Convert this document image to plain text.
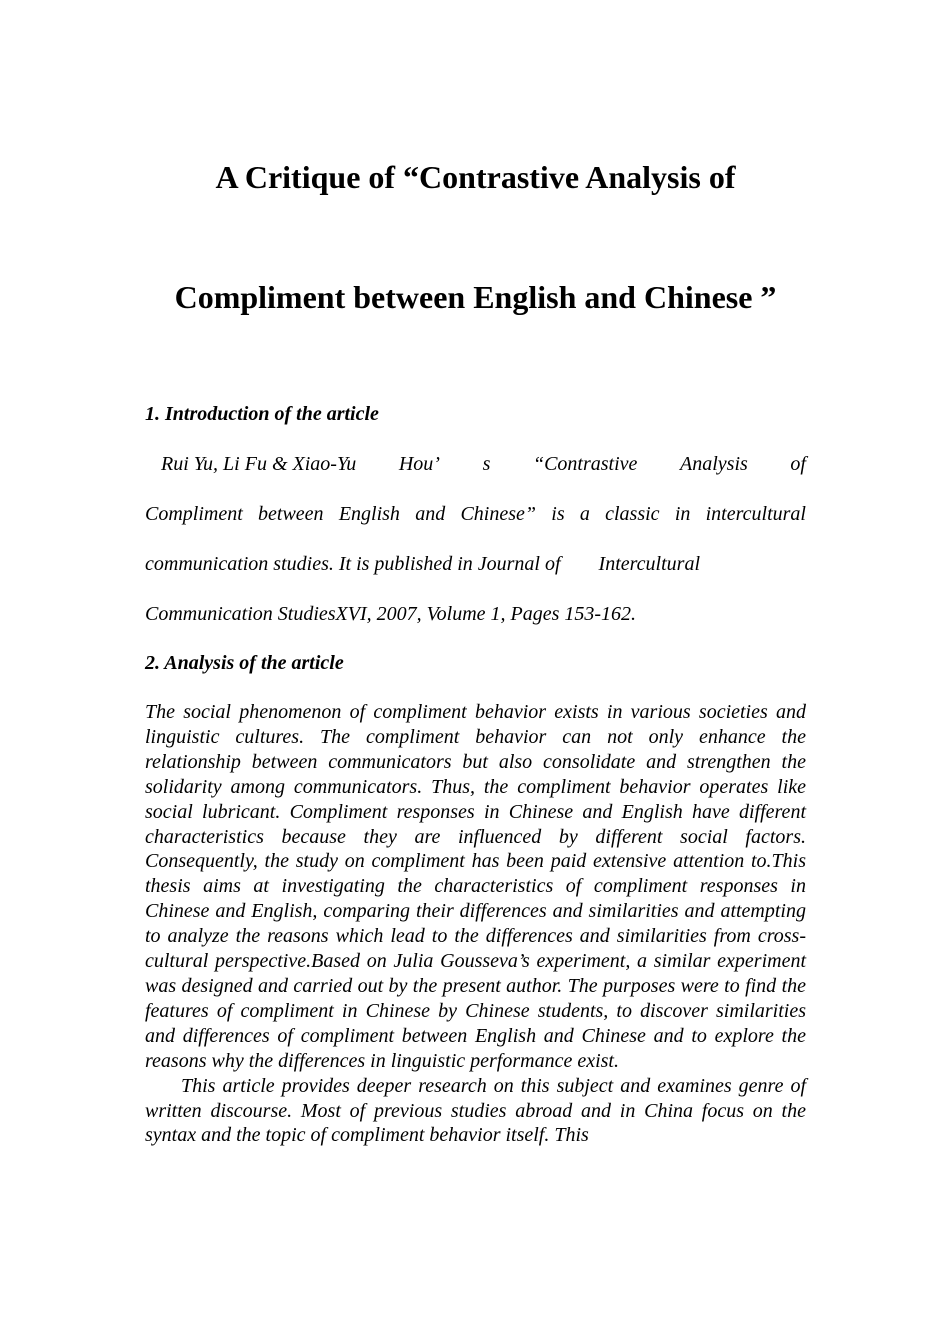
A Critique of “Contrastive Analysis of
Compliment between English and Chinese ”
1. Introduction of the article
Rui Yu, Li Fu & Xiao-Yu Hou’ s “Contrastive Analysis of
Compliment between English and Chinese” is a classic in intercultural
communication studies. It is published in Journal of Intercultural
Communication StudiesXVI, 2007, Volume 1, Pages 153-162.
2. Analysis of the article

The social phenomenon of compliment behavior exists in various societies and linguistic cultures. The compliment behavior can not only enhance the relationship between communicators but also consolidate and strengthen the solidarity among communicators. Thus, the compliment behavior operates like social lubricant. Compliment responses in Chinese and English have different characteristics because they are influenced by different social factors. Consequently, the study on compliment has been paid extensive attention to.This thesis aims at investigating the characteristics of compliment responses in Chinese and English, comparing their differences and similarities and attempting to analyze the reasons which lead to the differences and similarities from cross-cultural perspective.Based on Julia Gousseva’s experiment, a similar experiment was designed and carried out by the present author. The purposes were to find the features of compliment in Chinese by Chinese students, to discover similarities and differences of compliment between English and Chinese and to explore the reasons why the differences in linguistic performance exist.

This article provides deeper research on this subject and examines genre of written discourse. Most of previous studies abroad and in China focus on the syntax and the topic of compliment behavior itself. This
